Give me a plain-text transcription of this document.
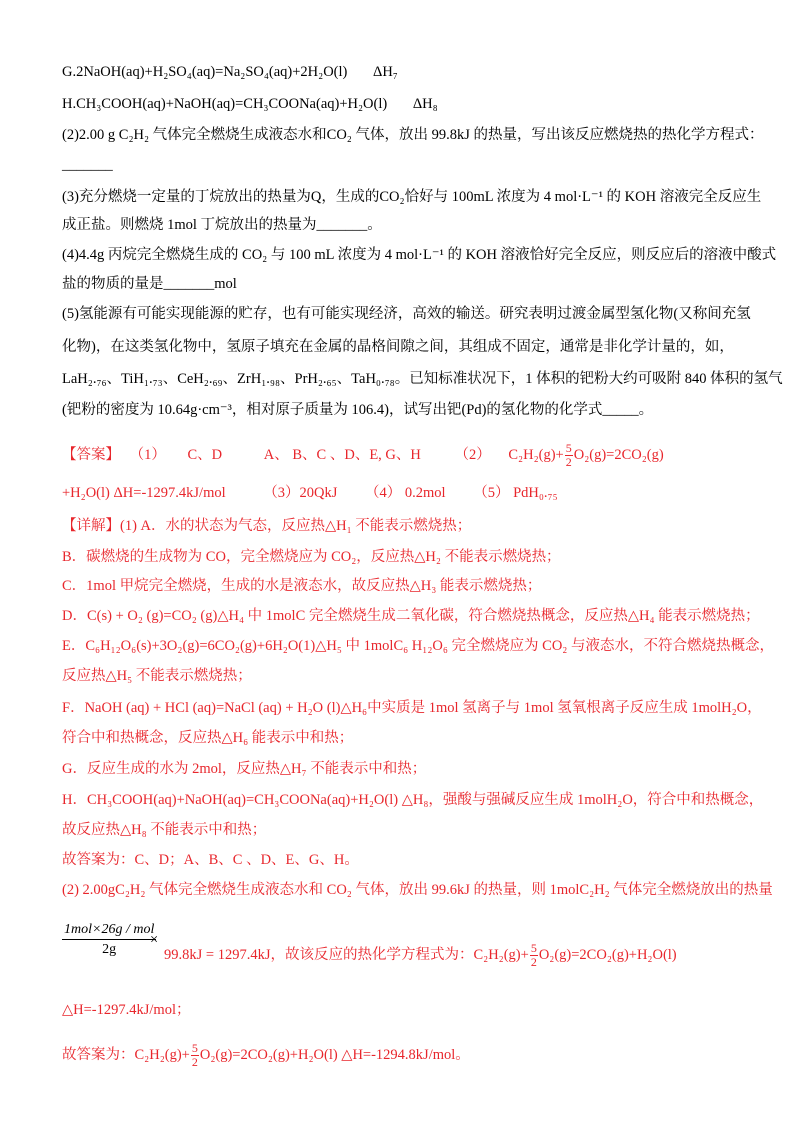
G.2NaOH(aq)+H₂SO₄(aq)=Na₂SO₄(aq)+2H₂O(l) ΔH₇
H.CH₃COOH(aq)+NaOH(aq)=CH₃COONa(aq)+H₂O(l) ΔH₈
(2)2.00 g C₂H₂ 气体完全燃烧生成液态水和CO₂ 气体，放出 99.8kJ 的热量，写出该反应燃烧热的热化学方程式：
_______
(3)充分燃烧一定量的丁烷放出的热量为Q，生成的CO₂恰好与 100mL 浓度为 4 mol·L⁻¹ 的 KOH 溶液完全反应生
成正盐。则燃烧 1mol 丁烷放出的热量为_______。
(4)4.4g 丙烷完全燃烧生成的 CO₂ 与 100 mL 浓度为 4 mol·L⁻¹ 的 KOH 溶液恰好完全反应，则反应后的溶液中酸式
盐的物质的量是_______mol
(5)氢能源有可能实现能源的贮存，也有可能实现经济，高效的输送。研究表明过渡金属型氢化物(又称间充氢
化物)，在这类氢化物中，氢原子填充在金属的晶格间隙之间，其组成不固定，通常是非化学计量的，如，
LaH₂.₇₆、TiH₁.₇₃、CeH₂.₆₉、ZrH₁.₉₈、PrH₂.₆₅、TaH₀.₇₈。已知标准状况下，1 体积的钯粉大约可吸附 840 体积的氢气
(钯粉的密度为 10.64g·cm⁻³，相对原子质量为 106.4)，试写出钯(Pd)的氢化物的化学式_____。
【答案】 （1） C、D	A、 B、C 、D、E, G、H （2） $C_2H_2(g)+ \frac{5}{2} O_2(g)=2CO_2(g)$
+H₂O(l) ΔH=-1297.4kJ/mol	（3）20QkJ （4） 0.2mol （5） PdH₀.₇₅
【详解】(1) A．水的状态为气态，反应热△H₁ 不能表示燃烧热；
B．碳燃烧的生成物为 CO，完全燃烧应为 CO₂，反应热△H₂ 不能表示燃烧热；
C．1mol 甲烷完全燃烧，生成的水是液态水，故反应热△H₃ 能表示燃烧热；
D．C(s) + O₂ (g)=CO₂ (g)△H₄ 中 1molC 完全燃烧生成二氧化碳，符合燃烧热概念，反应热△H₄ 能表示燃烧热；
E．C₆H₁₂O₆(s)+3O₂(g)=6CO₂(g)+6H₂O(1)△H₅ 中 1molC₆ H₁₂O₆ 完全燃烧应为 CO₂ 与液态水，不符合燃烧热概念，
反应热△H₅ 不能表示燃烧热；
F．NaOH (aq) + HCl (aq)=NaCl (aq) + H₂O (l)△H₆中实质是 1mol 氢离子与 1mol 氢氧根离子反应生成 1molH₂O，
符合中和热概念，反应热△H₆ 能表示中和热；
G．反应生成的水为 2mol，反应热△H₇ 不能表示中和热；
H．CH₃COOH(aq)+NaOH(aq)=CH₃COONa(aq)+H₂O(l) △H₈，强酸与强碱反应生成 1molH₂O，符合中和热概念，
故反应热△H₈ 不能表示中和热；
故答案为：C、D；A、B、C 、D、E、G、H。
(2) 2.00gC₂H₂ 气体完全燃烧生成液态水和 CO₂ 气体，放出 99.6kJ 的热量，则 1molC₂H₂ 气体完全燃烧放出的热量
1mol×26g / mol
2g
×
99.8kJ = 1297.4kJ，故该反应的热化学方程式为：$C_2H_2(g)+ \frac{5}{2} O_2(g)=2CO_2(g)+H_2O(l)$
△H=-1297.4kJ/mol；
故答案为：$C_2H_2(g)+ \frac{5}{2} O_2(g)=2CO_2(g)+H_2O(l)$ △H=-1294.8kJ/mol。
